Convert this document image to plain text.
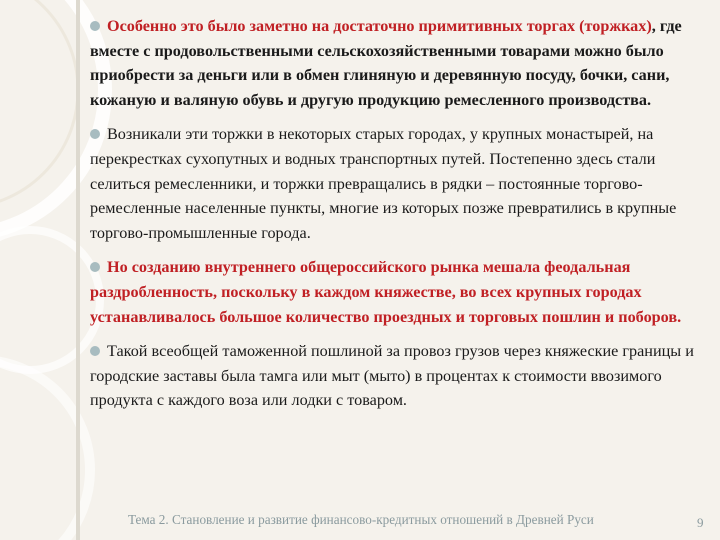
Особенно это было заметно на достаточно примитивных торгах (торжках), где вместе с продовольственными сельскохозяйственными товарами можно было приобрести за деньги или в обмен глиняную и деревянную посуду, бочки, сани, кожаную и валяную обувь и другую продукцию ремесленного производства.

Возникали эти торжки в некоторых старых городах, у крупных монастырей, на перекрестках сухопутных и водных транспортных путей. Постепенно здесь стали селиться ремесленники, и торжки превращались в рядки – постоянные торгово-ремесленные населенные пункты, многие из которых позже превратились в крупные торгово-промышленные города.

Но созданию внутреннего общероссийского рынка мешала феодальная раздробленность, поскольку в каждом княжестве, во всех крупных городах устанавливалось большое количество проездных и торговых пошлин и поборов.

Такой всеобщей таможенной пошлиной за провоз грузов через княжеские границы и городские заставы была тамга или мыт (мыто) в процентах к стоимости ввозимого продукта с каждого воза или лодки с товаром.

Тема 2. Становление и развитие финансово-кредитных отношений в Древней Руси	9
